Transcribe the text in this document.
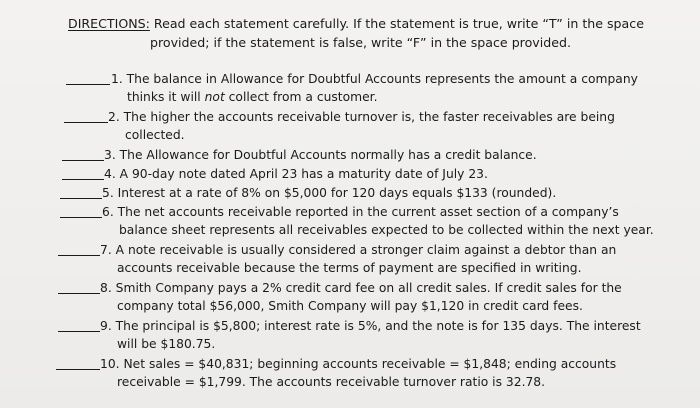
DIRECTIONS: Read each statement carefully. If the statement is true, write “T” in the space
provided; if the statement is false, write “F” in the space provided.
1. The balance in Allowance for Doubtful Accounts represents the amount a company
thinks it will not collect from a customer.
2. The higher the accounts receivable turnover is, the faster receivables are being
collected.
3. The Allowance for Doubtful Accounts normally has a credit balance.
4. A 90-day note dated April 23 has a maturity date of July 23.
5. Interest at a rate of 8% on $5,000 for 120 days equals $133 (rounded).
6. The net accounts receivable reported in the current asset section of a company’s
balance sheet represents all receivables expected to be collected within the next year.
7. A note receivable is usually considered a stronger claim against a debtor than an
accounts receivable because the terms of payment are specified in writing.
8. Smith Company pays a 2% credit card fee on all credit sales. If credit sales for the
company total $56,000, Smith Company will pay $1,120 in credit card fees.
9. The principal is $5,800; interest rate is 5%, and the note is for 135 days. The interest
will be $180.75.
10. Net sales = $40,831; beginning accounts receivable = $1,848; ending accounts
receivable = $1,799. The accounts receivable turnover ratio is 32.78.
